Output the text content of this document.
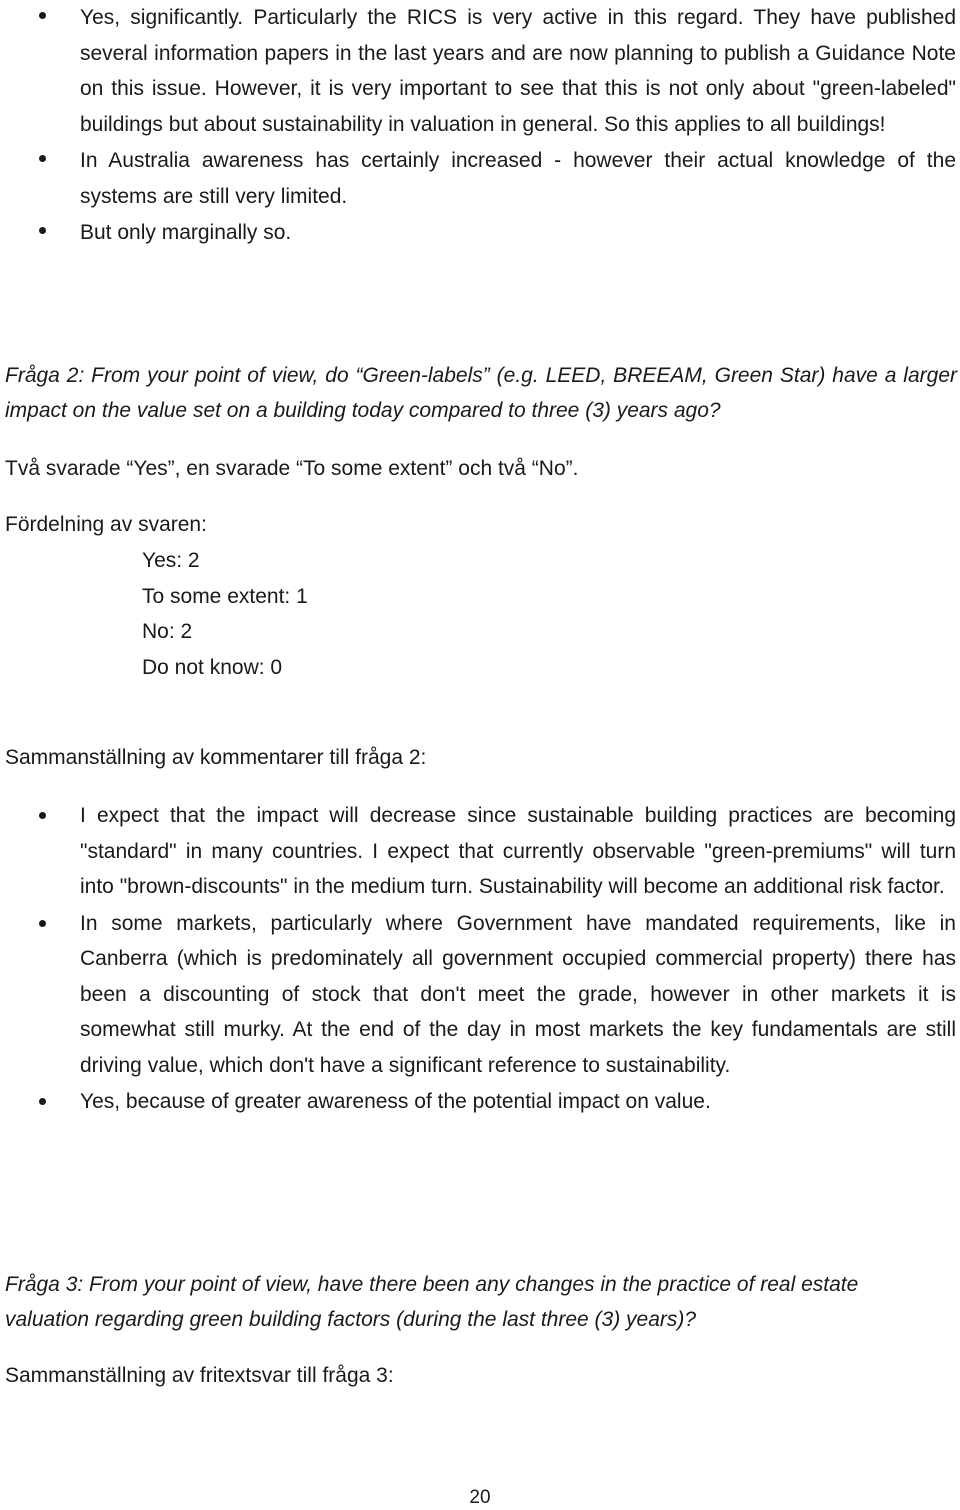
Yes, significantly. Particularly the RICS is very active in this regard. They have published several information papers in the last years and are now planning to publish a Guidance Note on this issue. However, it is very important to see that this is not only about "green-labeled" buildings but about sustainability in valuation in general. So this applies to all buildings!
In Australia awareness has certainly increased - however their actual knowledge of the systems are still very limited.
But only marginally so.
Fråga 2: From your point of view, do “Green-labels” (e.g. LEED, BREEAM, Green Star) have a larger impact on the value set on a building today compared to three (3) years ago?
Två svarade “Yes”, en svarade “To some extent” och två “No”.
Fördelning av svaren:
Yes: 2
To some extent: 1
No: 2
Do not know: 0
Sammanställning av kommentarer till fråga 2:
I expect that the impact will decrease since sustainable building practices are becoming "standard" in many countries. I expect that currently observable "green-premiums" will turn into "brown-discounts" in the medium turn. Sustainability will become an additional risk factor.
In some markets, particularly where Government have mandated requirements, like in Canberra (which is predominately all government occupied commercial property) there has been a discounting of stock that don't meet the grade, however in other markets it is somewhat still murky. At the end of the day in most markets the key fundamentals are still driving value, which don't have a significant reference to sustainability.
Yes, because of greater awareness of the potential impact on value.
Fråga 3: From your point of view, have there been any changes in the practice of real estate
valuation regarding green building factors (during the last three (3) years)?
Sammanställning av fritextsvar till fråga 3:
20
